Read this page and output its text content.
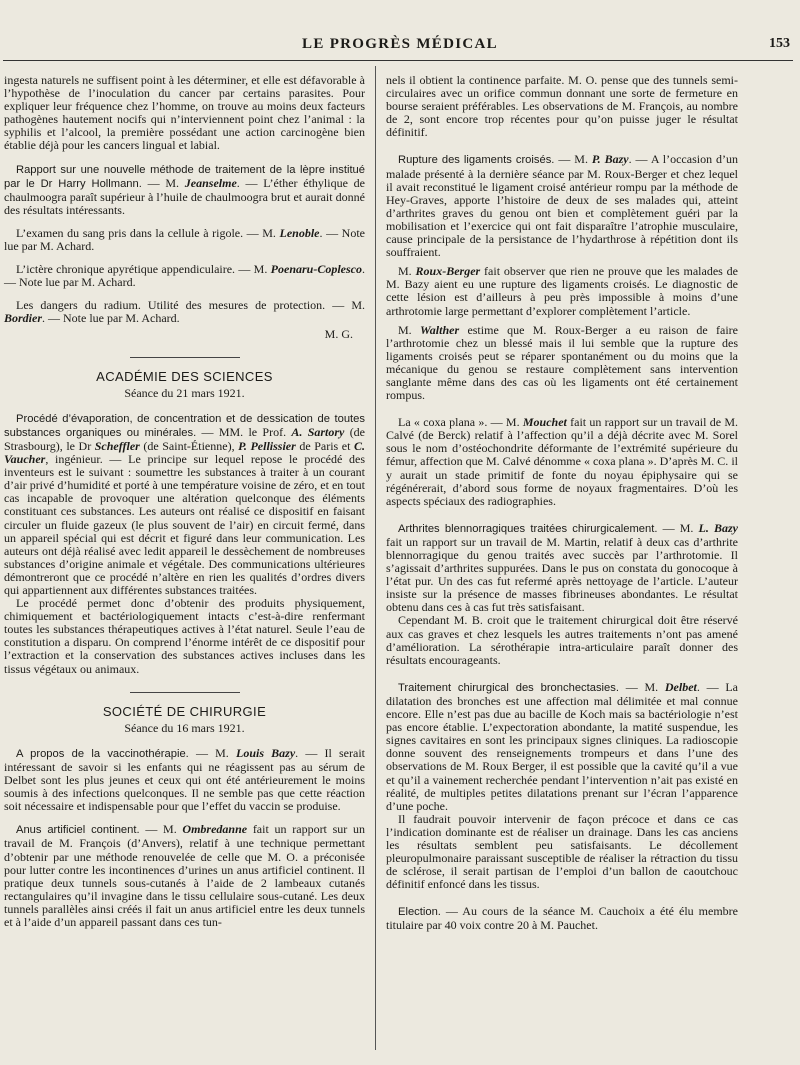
LE PROGRÈS MÉDICAL	153

ingesta naturels ne suffisent point à les déterminer, et elle est défavorable à l’hypothèse de l’inoculation du cancer par certains parasites. Pour expliquer leur fréquence chez l’homme, on trouve au moins deux facteurs pathogènes hautement nocifs qui n’interviennent point chez l’animal : la syphilis et l’alcool, la première possédant une action carcinogène bien établie déjà pour les cancers lingual et labial.

Rapport sur une nouvelle méthode de traitement de la lèpre institué par le Dr Harry Hollmann. — M. Jeanselme. — L’éther éthylique de chaulmoogra paraît supérieur à l’huile de chaulmoogra brut et aurait donné des résultats intéressants.

L’examen du sang pris dans la cellule à rigole. — M. Lenoble. — Note lue par M. Achard.

L’ictère chronique apyrétique appendiculaire. — M. Poenaru-Coplesco. — Note lue par M. Achard.

Les dangers du radium. Utilité des mesures de protection. — M. Bordier. — Note lue par M. Achard.

M. G.
ACADÉMIE DES SCIENCES
Séance du 21 mars 1921.

Procédé d’évaporation, de concentration et de dessication de toutes substances organiques ou minérales. — MM. le Prof. A. Sartory (de Strasbourg), le Dr Scheffler (de Saint-Étienne), P. Pellissier de Paris et C. Vaucher, ingénieur. — Le principe sur lequel repose le procédé des inventeurs est le suivant : soumettre les substances à traiter à un courant d’air privé d’humidité et porté à une température voisine de zéro, et en tout cas incapable de provoquer une altération quelconque des éléments constituant ces substances. Les auteurs ont réalisé ce dispositif en faisant circuler un fluide gazeux (le plus souvent de l’air) en circuit fermé, dans un appareil spécial qui est décrit et figuré dans leur communication. Les auteurs ont déjà réalisé avec ledit appareil le dessèchement de nombreuses substances d’origine animale et végétale. Des communications ultérieures démontreront que ce procédé n’altère en rien les qualités d’ordres divers qui appartiennent aux différentes substances traitées.

Le procédé permet donc d’obtenir des produits physiquement, chimiquement et bactériologiquement intacts c’est-à-dire renfermant toutes les substances thérapeutiques actives à l’état naturel. Seule l’eau de constitution a disparu. On comprend l’énorme intérêt de ce dispositif pour l’extraction et la conservation des substances actives incluses dans les tissus végétaux ou animaux.

SOCIÉTÉ DE CHIRURGIE
Séance du 16 mars 1921.

A propos de la vaccinothérapie. — M. Louis Bazy. — Il serait intéressant de savoir si les enfants qui ne réagissent pas au sérum de Delbet sont les plus jeunes et ceux qui ont été antérieurement le moins soumis à des infections quelconques. Il ne semble pas que cette réaction soit nécessaire et indispensable pour que l’effet du vaccin se produise.

Anus artificiel continent. — M. Ombredanne fait un rapport sur un travail de M. François (d’Anvers), relatif à une technique permettant d’obtenir par une méthode renouvelée de celle que M. O. a préconisée pour lutter contre les incontinences d’urines un anus artificiel continent. Il pratique deux tunnels sous-cutanés à l’aide de 2 lambeaux cutanés rectangulaires qu’il invagine dans le tissu cellulaire sous-cutané. Les deux tunnels parallèles ainsi créés il fait un anus artificiel entre les deux tunnels et à l’aide d’un appareil passant dans ces tun-

nels il obtient la continence parfaite. M. O. pense que des tunnels semi-circulaires avec un orifice commun donnant une sorte de fermeture en bourse seraient préférables. Les observations de M. François, au nombre de 2, sont encore trop récentes pour qu’on puisse juger le résultat définitif.

Rupture des ligaments croisés. — M. P. Bazy. — A l’occasion d’un malade présenté à la dernière séance par M. Roux-Berger et chez lequel il avait reconstitué le ligament croisé antérieur rompu par la méthode de Hey-Graves, apporte l’histoire de deux de ses malades qui, atteint d’arthrites graves du genou ont bien et complètement guéri par la mobilisation et l’exercice qui ont fait disparaître l’atrophie musculaire, cause principale de la persistance de l’hydarthrose à répétition dont ils souffraient.

M. Roux-Berger fait observer que rien ne prouve que les malades de M. Bazy aient eu une rupture des ligaments croisés. Le diagnostic de cette lésion est d’ailleurs à peu près impossible à moins d’une arthrotomie large permettant d’explorer complètement l’article.

M. Walther estime que M. Roux-Berger a eu raison de faire l’arthrotomie chez un blessé mais il lui semble que la rupture des ligaments croisés peut se réparer spontanément ou du moins que la mécanique du genou se restaure complètement sans intervention sanglante même dans des cas où les ligaments ont été certainement rompus.

La « coxa plana ». — M. Mouchet fait un rapport sur un travail de M. Calvé (de Berck) relatif à l’affection qu’il a déjà décrite avec M. Sorel sous le nom d’ostéochondrite déformante de l’extrémité supérieure du fémur, affection que M. Calvé dénomme « coxa plana ». D’après M. C. il y aurait un stade primitif de fonte du noyau épiphysaire qui se régénérerait, d’abord sous forme de noyaux fragmentaires. D’où les aspects spéciaux des radiographies.

Arthrites blennorragiques traitées chirurgicalement. — M. L. Bazy fait un rapport sur un travail de M. Martin, relatif à deux cas d’arthrite blennorragique du genou traités avec succès par l’arthrotomie. Il s’agissait d’arthrites suppurées. Dans le pus on constata du gonocoque à l’état pur. Un des cas fut refermé après nettoyage de l’article. L’auteur insiste sur la présence de masses fibrineuses abondantes. Le résultat obtenu dans ces à cas fut très satisfaisant.

Cependant M. B. croit que le traitement chirurgical doit être réservé aux cas graves et chez lesquels les autres traitements n’ont pas amené d’amélioration. La sérothérapie intra-articulaire paraît donner des résultats encourageants.

Traitement chirurgical des bronchectasies. — M. Delbet. — La dilatation des bronches est une affection mal délimitée et mal connue encore. Elle n’est pas due au bacille de Koch mais sa bactériologie n’est pas encore établie. L’expectoration abondante, la matité suspendue, les signes cavitaires en sont les principaux signes cliniques. La radioscopie donne souvent des renseignements trompeurs et dans l’une des observations de M. Roux Berger, il est possible que la cavité qu’il a vue et qu’il a vainement recherchée pendant l’intervention n’ait pas existé en réalité, de multiples petites dilatations prenant sur l’écran l’apparence d’une poche.

Il faudrait pouvoir intervenir de façon précoce et dans ce cas l’indication dominante est de réaliser un drainage. Dans les cas anciens les résultats semblent peu satisfaisants. Le décollement pleuropulmonaire paraissant susceptible de réaliser la rétraction du tissu de sclérose, il serait partisan de l’emploi d’un ballon de caoutchouc définitif enfoncé dans les tissus.

Election. — Au cours de la séance M. Cauchoix a été élu membre titulaire par 40 voix contre 20 à M. Pauchet.
